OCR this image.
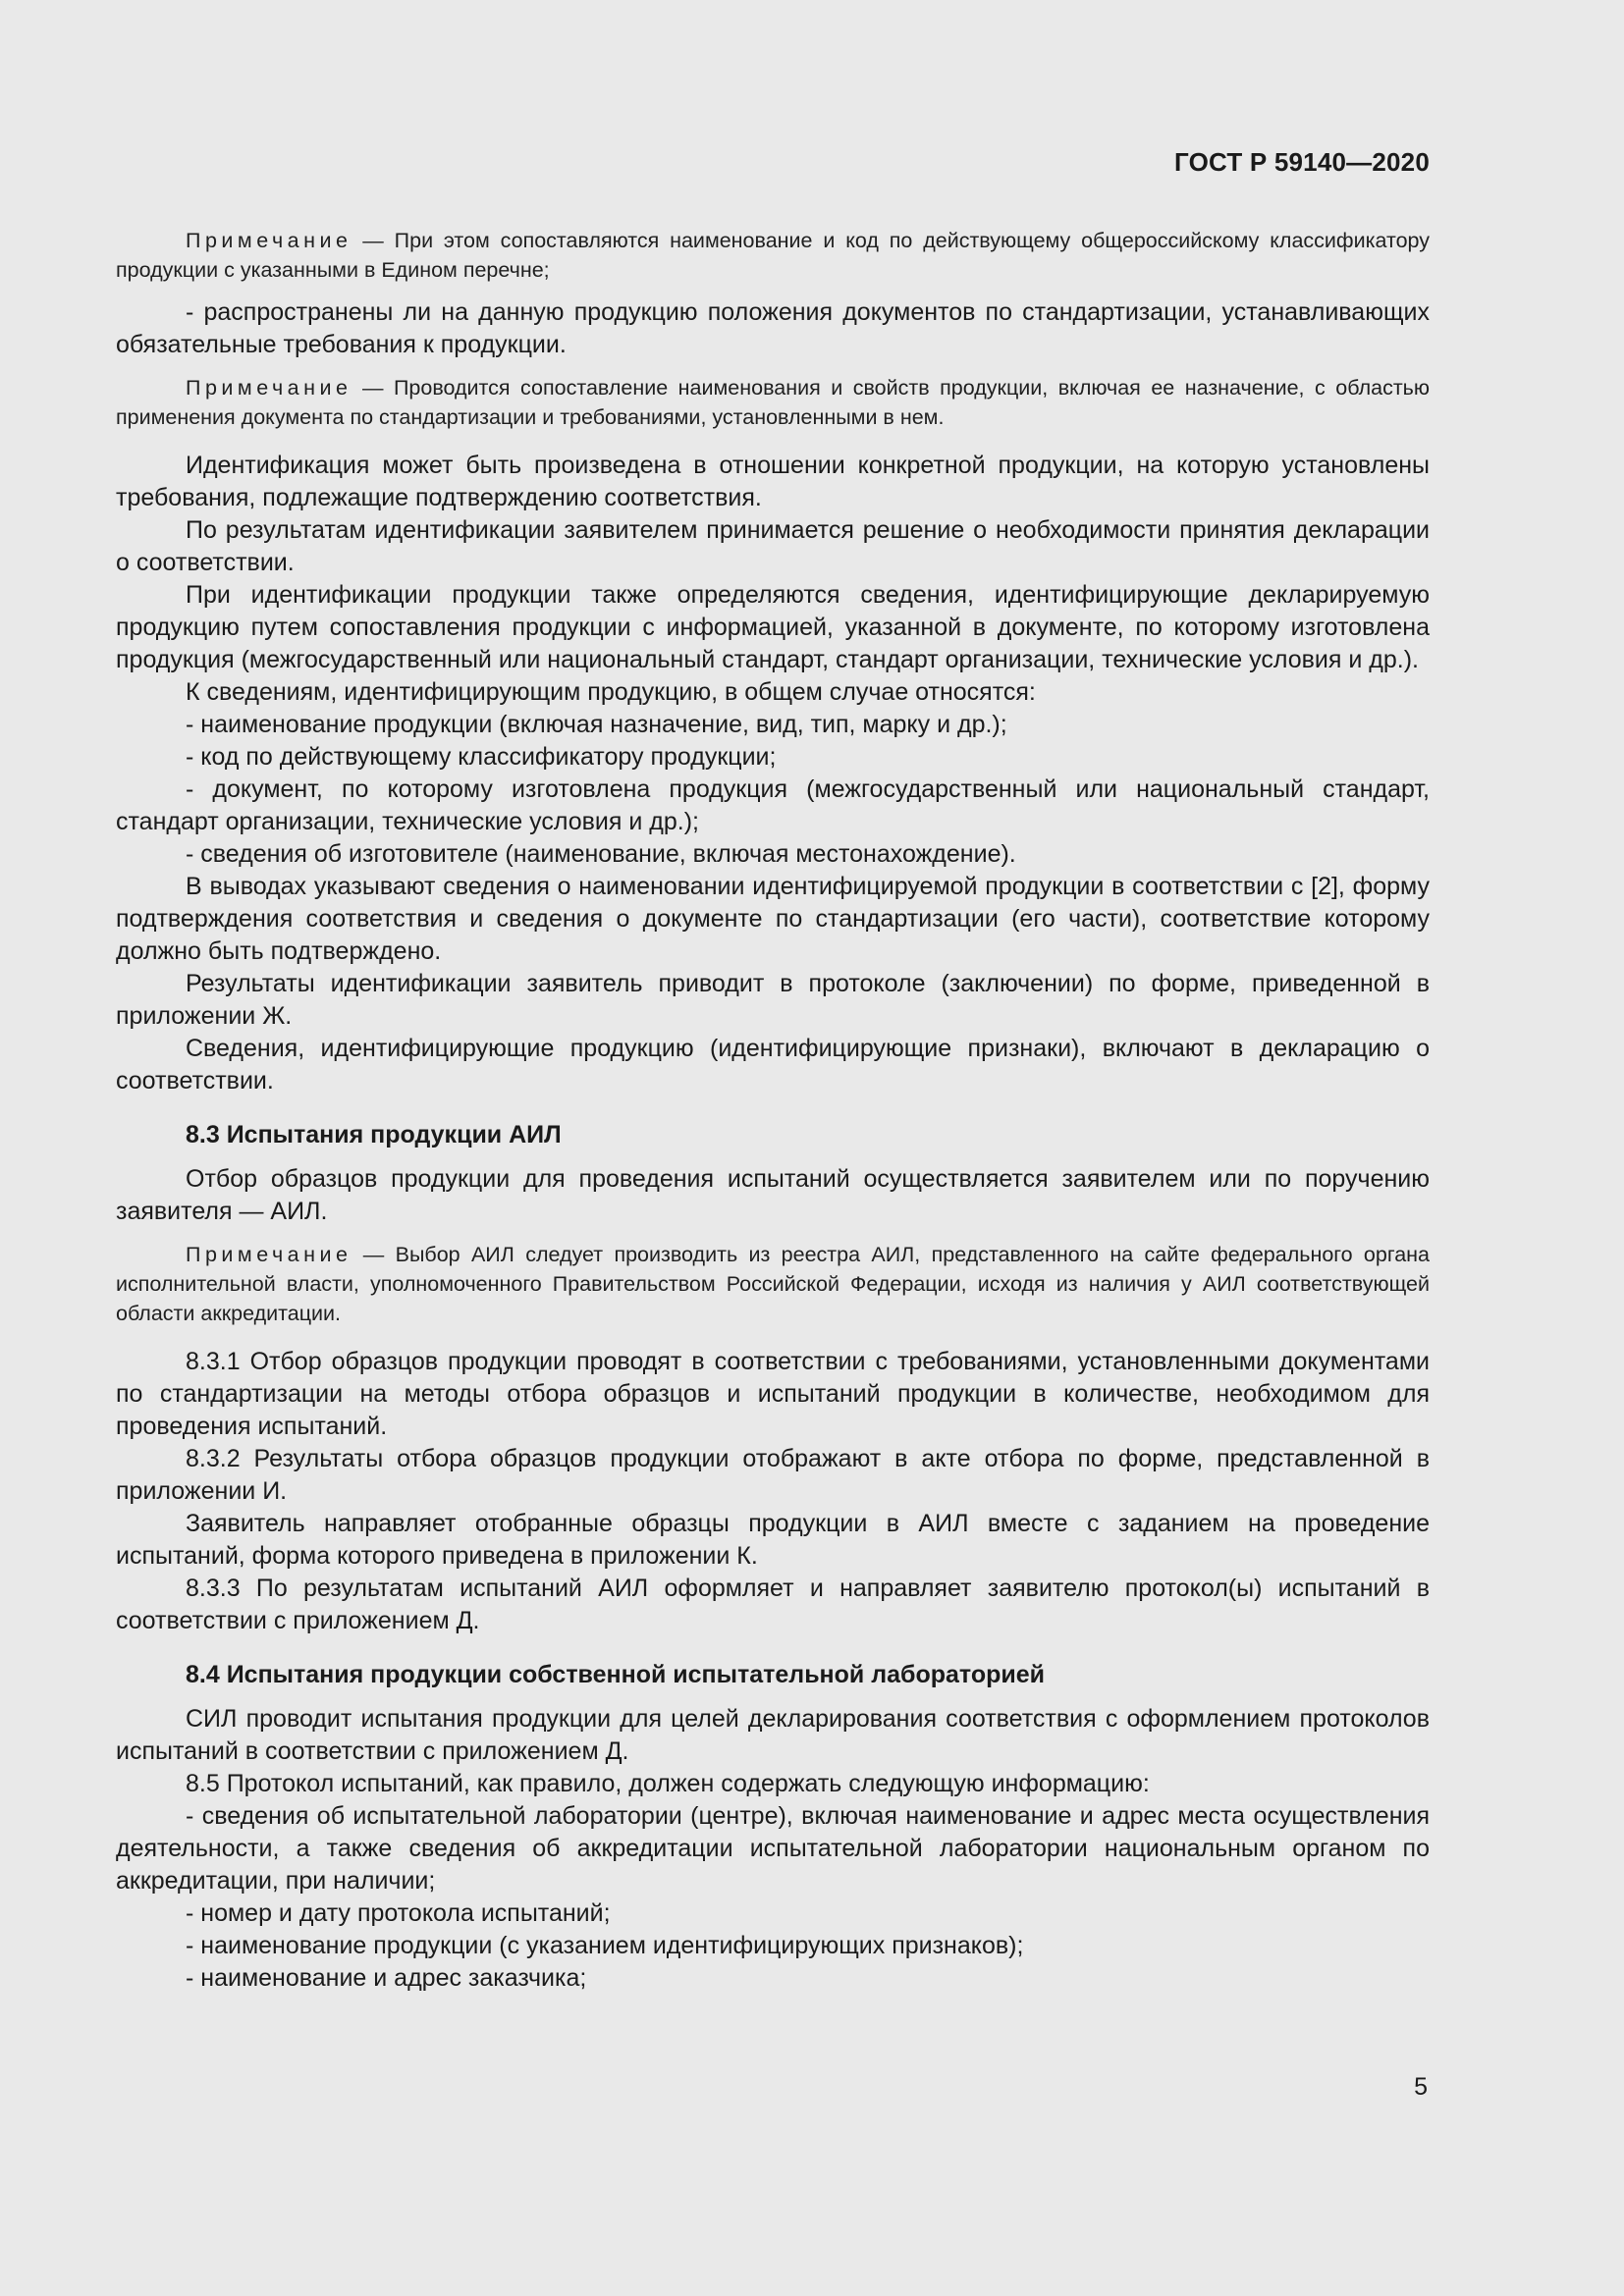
ГОСТ Р 59140—2020

Примечание — При этом сопоставляются наименование и код по действующему общероссийскому классификатору продукции с указанными в Едином перечне;

- распространены ли на данную продукцию положения документов по стандартизации, устанавливающих обязательные требования к продукции.

Примечание — Проводится сопоставление наименования и свойств продукции, включая ее назначение, с областью применения документа по стандартизации и требованиями, установленными в нем.

Идентификация может быть произведена в отношении конкретной продукции, на которую установлены требования, подлежащие подтверждению соответствия.

По результатам идентификации заявителем принимается решение о необходимости принятия декларации о соответствии.

При идентификации продукции также определяются сведения, идентифицирующие декларируемую продукцию путем сопоставления продукции с информацией, указанной в документе, по которому изготовлена продукция (межгосударственный или национальный стандарт, стандарт организации, технические условия и др.).

К сведениям, идентифицирующим продукцию, в общем случае относятся:

- наименование продукции (включая назначение, вид, тип, марку и др.);

- код по действующему классификатору продукции;

- документ, по которому изготовлена продукция (межгосударственный или национальный стандарт, стандарт организации, технические условия и др.);

- сведения об изготовителе (наименование, включая местонахождение).

В выводах указывают сведения о наименовании идентифицируемой продукции в соответствии с [2], форму подтверждения соответствия и сведения о документе по стандартизации (его части), соответствие которому должно быть подтверждено.

Результаты идентификации заявитель приводит в протоколе (заключении) по форме, приведенной в приложении Ж.

Сведения, идентифицирующие продукцию (идентифицирующие признаки), включают в декларацию о соответствии.

8.3 Испытания продукции АИЛ

Отбор образцов продукции для проведения испытаний осуществляется заявителем или по поручению заявителя — АИЛ.

Примечание — Выбор АИЛ следует производить из реестра АИЛ, представленного на сайте федерального органа исполнительной власти, уполномоченного Правительством Российской Федерации, исходя из наличия у АИЛ соответствующей области аккредитации.

8.3.1 Отбор образцов продукции проводят в соответствии с требованиями, установленными документами по стандартизации на методы отбора образцов и испытаний продукции в количестве, необходимом для проведения испытаний.

8.3.2 Результаты отбора образцов продукции отображают в акте отбора по форме, представленной в приложении И.

Заявитель направляет отобранные образцы продукции в АИЛ вместе с заданием на проведение испытаний, форма которого приведена в приложении К.

8.3.3 По результатам испытаний АИЛ оформляет и направляет заявителю протокол(ы) испытаний в соответствии с приложением Д.

8.4 Испытания продукции собственной испытательной лабораторией

СИЛ проводит испытания продукции для целей декларирования соответствия с оформлением протоколов испытаний в соответствии с приложением Д.

8.5 Протокол испытаний, как правило, должен содержать следующую информацию:

- сведения об испытательной лаборатории (центре), включая наименование и адрес места осуществления деятельности, а также сведения об аккредитации испытательной лаборатории национальным органом по аккредитации, при наличии;

- номер и дату протокола испытаний;

- наименование продукции (с указанием идентифицирующих признаков);

- наименование и адрес заказчика;

5
